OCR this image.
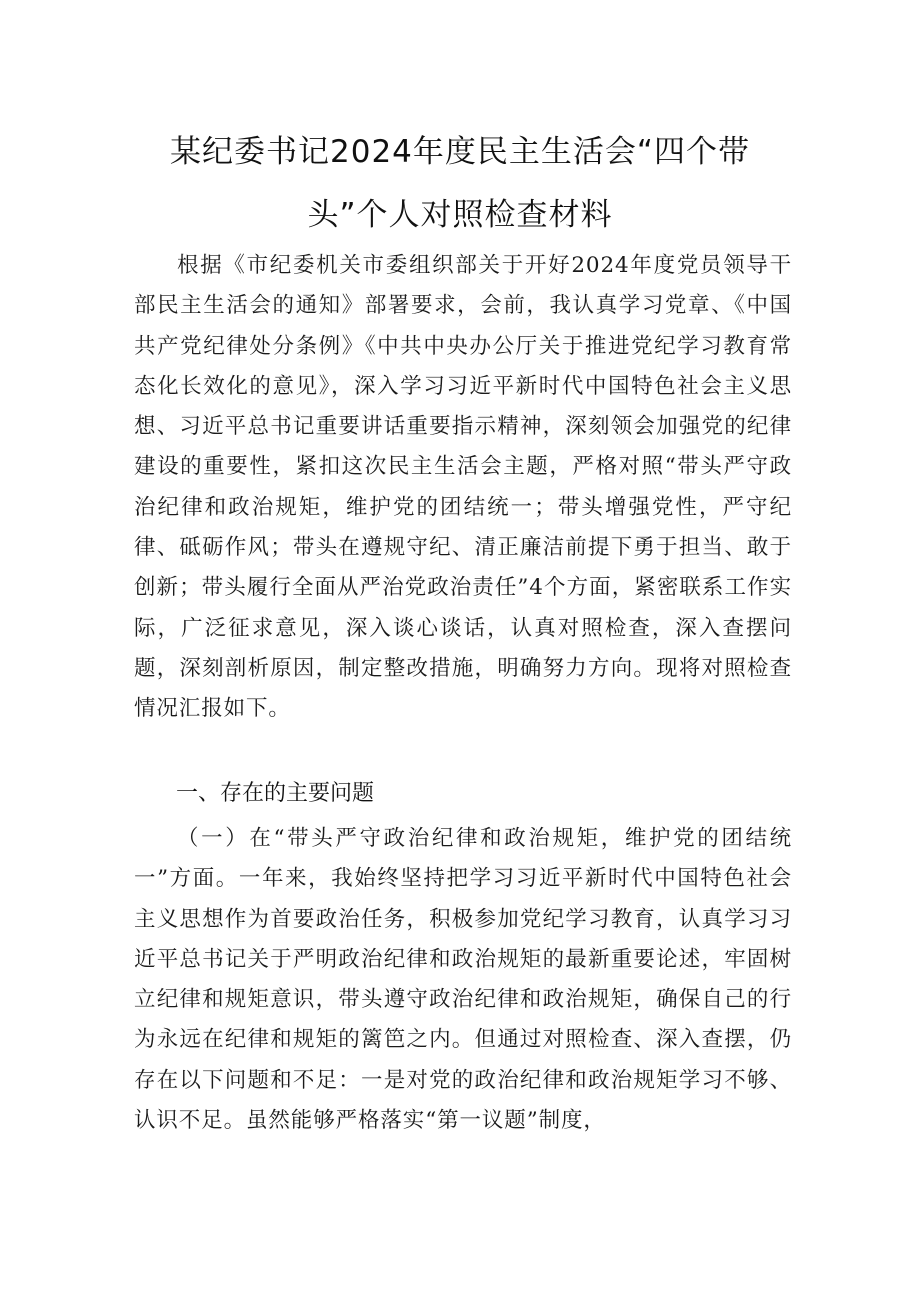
某纪委书记2024年度民主生活会“四个带
头”个人对照检查材料

根据《市纪委机关市委组织部关于开好2024年度党员领导干部民主生活会的通知》部署要求，会前，我认真学习党章、《中国共产党纪律处分条例》《中共中央办公厅关于推进党纪学习教育常态化长效化的意见》，深入学习习近平新时代中国特色社会主义思想、习近平总书记重要讲话重要指示精神，深刻领会加强党的纪律建设的重要性，紧扣这次民主生活会主题，严格对照“带头严守政治纪律和政治规矩，维护党的团结统一；带头增强党性，严守纪律、砥砺作风；带头在遵规守纪、清正廉洁前提下勇于担当、敢于创新；带头履行全面从严治党政治责任”4个方面，紧密联系工作实际，广泛征求意见，深入谈心谈话，认真对照检查，深入查摆问题，深刻剖析原因，制定整改措施，明确努力方向。现将对照检查情况汇报如下。

一、存在的主要问题

（一）在“带头严守政治纪律和政治规矩，维护党的团结统一”方面。一年来，我始终坚持把学习习近平新时代中国特色社会主义思想作为首要政治任务，积极参加党纪学习教育，认真学习习近平总书记关于严明政治纪律和政治规矩的最新重要论述，牢固树立纪律和规矩意识，带头遵守政治纪律和政治规矩，确保自己的行为永远在纪律和规矩的篱笆之内。但通过对照检查、深入查摆，仍存在以下问题和不足：一是对党的政治纪律和政治规矩学习不够、认识不足。虽然能够严格落实“第一议题”制度，
